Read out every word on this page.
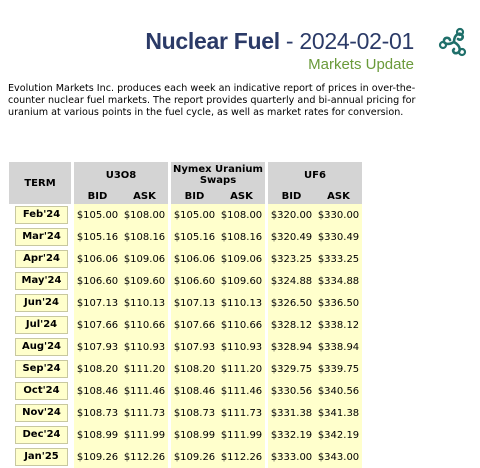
Nuclear Fuel - 2024-02-01
Markets Update
Evolution Markets Inc. produces each week an indicative report of prices in over-the-counter nuclear fuel markets. The report provides quarterly and bi-annual pricing for uranium at various points in the fuel cycle, as well as market rates for conversion.
TERM	U3O8		Nymex Uranium Swaps		UF6	
	BID	ASK	BID	ASK	BID	ASK
Feb'24	$105.00	$108.00	$105.00	$108.00	$320.00	$330.00
Mar'24	$105.16	$108.16	$105.16	$108.16	$320.49	$330.49
Apr'24	$106.06	$109.06	$106.06	$109.06	$323.25	$333.25
May'24	$106.60	$109.60	$106.60	$109.60	$324.88	$334.88
Jun'24	$107.13	$110.13	$107.13	$110.13	$326.50	$336.50
Jul'24	$107.66	$110.66	$107.66	$110.66	$328.12	$338.12
Aug'24	$107.93	$110.93	$107.93	$110.93	$328.94	$338.94
Sep'24	$108.20	$111.20	$108.20	$111.20	$329.75	$339.75
Oct'24	$108.46	$111.46	$108.46	$111.46	$330.56	$340.56
Nov'24	$108.73	$111.73	$108.73	$111.73	$331.38	$341.38
Dec'24	$108.99	$111.99	$108.99	$111.99	$332.19	$342.19
Jan'25	$109.26	$112.26	$109.26	$112.26	$333.00	$343.00
